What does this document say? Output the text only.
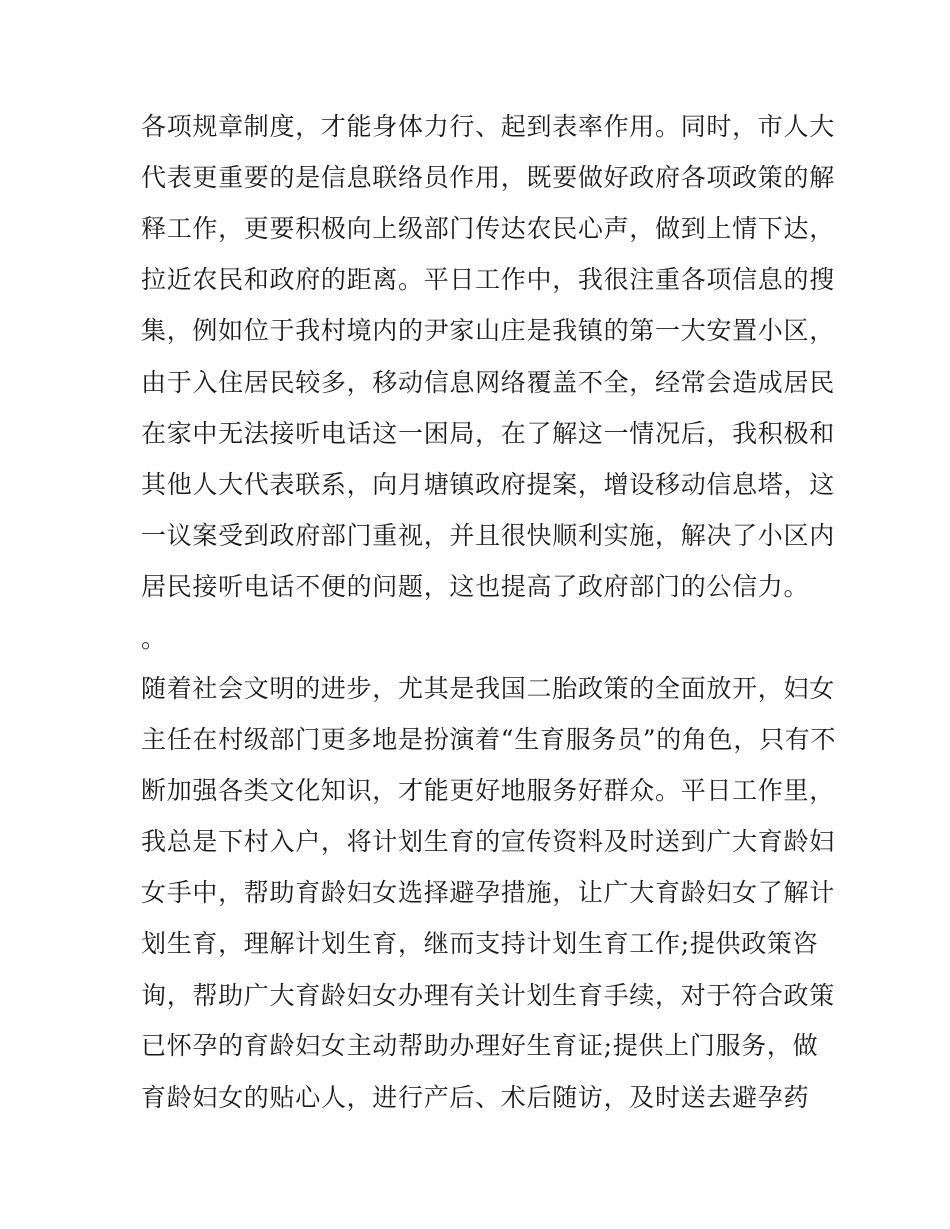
各项规章制度，才能身体力行、起到表率作用。同时，市人大
代表更重要的是信息联络员作用，既要做好政府各项政策的解
释工作，更要积极向上级部门传达农民心声，做到上情下达，
拉近农民和政府的距离。平日工作中，我很注重各项信息的搜
集，例如位于我村境内的尹家山庄是我镇的第一大安置小区，
由于入住居民较多，移动信息网络覆盖不全，经常会造成居民
在家中无法接听电话这一困局，在了解这一情况后，我积极和
其他人大代表联系，向月塘镇政府提案，增设移动信息塔，这
一议案受到政府部门重视，并且很快顺利实施，解决了小区内
居民接听电话不便的问题，这也提高了政府部门的公信力。
。
随着社会文明的进步，尤其是我国二胎政策的全面放开，妇女
主任在村级部门更多地是扮演着“生育服务员”的角色，只有不
断加强各类文化知识，才能更好地服务好群众。平日工作里，
我总是下村入户，将计划生育的宣传资料及时送到广大育龄妇
女手中，帮助育龄妇女选择避孕措施，让广大育龄妇女了解计
划生育，理解计划生育，继而支持计划生育工作;提供政策咨
询，帮助广大育龄妇女办理有关计划生育手续，对于符合政策
已怀孕的育龄妇女主动帮助办理好生育证;提供上门服务，做
育龄妇女的贴心人，进行产后、术后随访，及时送去避孕药
